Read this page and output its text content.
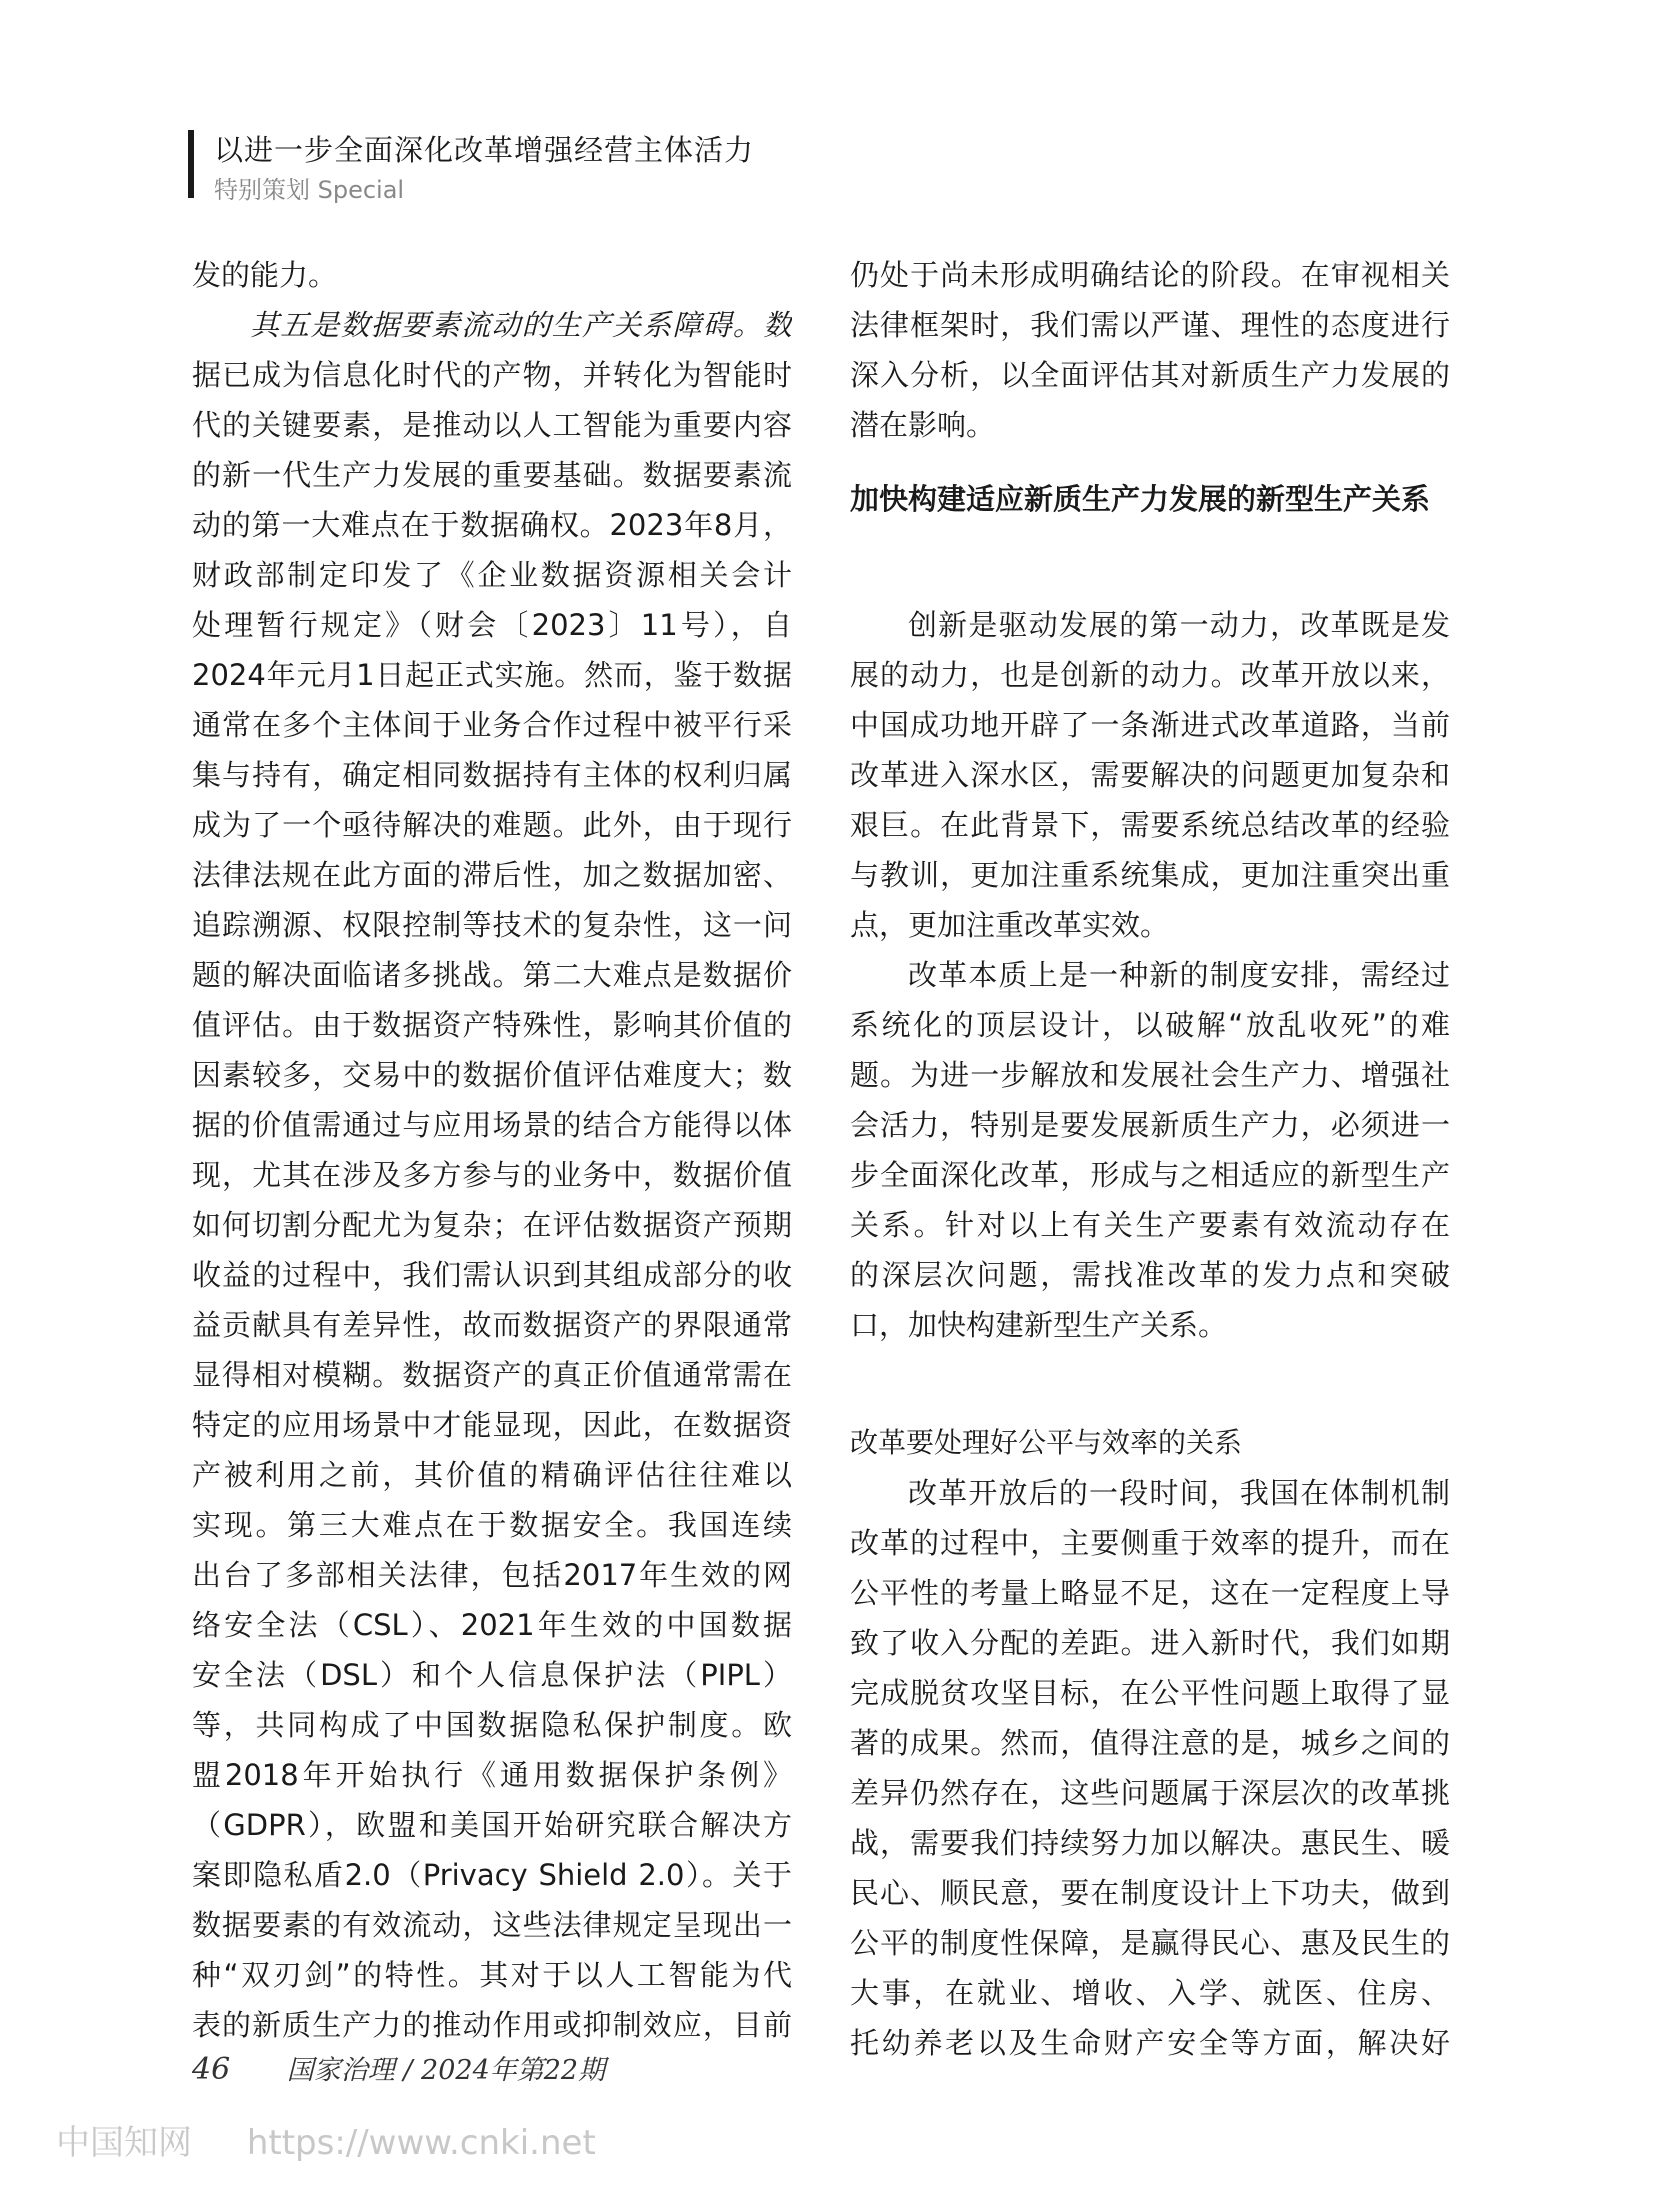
以进一步全面深化改革增强经营主体活力
特别策划 Special
发的能力。
其五是数据要素流动的生产关系障碍。数
据已成为信息化时代的产物，并转化为智能时
代的关键要素，是推动以人工智能为重要内容
的新一代生产力发展的重要基础。数据要素流
动的第一大难点在于数据确权。2023年8月，
财政部制定印发了《企业数据资源相关会计
处理暂行规定》（财会〔2023〕11号），自
2024年元月1日起正式实施。然而，鉴于数据
通常在多个主体间于业务合作过程中被平行采
集与持有，确定相同数据持有主体的权利归属
成为了一个亟待解决的难题。此外，由于现行
法律法规在此方面的滞后性，加之数据加密、
追踪溯源、权限控制等技术的复杂性，这一问
题的解决面临诸多挑战。第二大难点是数据价
值评估。由于数据资产特殊性，影响其价值的
因素较多，交易中的数据价值评估难度大；数
据的价值需通过与应用场景的结合方能得以体
现，尤其在涉及多方参与的业务中，数据价值
如何切割分配尤为复杂；在评估数据资产预期
收益的过程中，我们需认识到其组成部分的收
益贡献具有差异性，故而数据资产的界限通常
显得相对模糊。数据资产的真正价值通常需在
特定的应用场景中才能显现，因此，在数据资
产被利用之前，其价值的精确评估往往难以
实现。第三大难点在于数据安全。我国连续
出台了多部相关法律，包括2017年生效的网
络安全法（CSL）、2021年生效的中国数据
安全法（DSL）和个人信息保护法（PIPL）
等，共同构成了中国数据隐私保护制度。欧
盟2018年开始执行《通用数据保护条例》
（GDPR），欧盟和美国开始研究联合解决方
案即隐私盾2.0（Privacy Shield 2.0）。关于
数据要素的有效流动，这些法律规定呈现出一
种“双刃剑”的特性。其对于以人工智能为代
表的新质生产力的推动作用或抑制效应，目前
仍处于尚未形成明确结论的阶段。在审视相关
法律框架时，我们需以严谨、理性的态度进行
深入分析，以全面评估其对新质生产力发展的
潜在影响。
加快构建适应新质生产力发展的新型生产关系
创新是驱动发展的第一动力，改革既是发
展的动力，也是创新的动力。改革开放以来，
中国成功地开辟了一条渐进式改革道路，当前
改革进入深水区，需要解决的问题更加复杂和
艰巨。在此背景下，需要系统总结改革的经验
与教训，更加注重系统集成，更加注重突出重
点，更加注重改革实效。
改革本质上是一种新的制度安排，需经过
系统化的顶层设计，以破解“放乱收死”的难
题。为进一步解放和发展社会生产力、增强社
会活力，特别是要发展新质生产力，必须进一
步全面深化改革，形成与之相适应的新型生产
关系。针对以上有关生产要素有效流动存在
的深层次问题，需找准改革的发力点和突破
口，加快构建新型生产关系。
改革要处理好公平与效率的关系
改革开放后的一段时间，我国在体制机制
改革的过程中，主要侧重于效率的提升，而在
公平性的考量上略显不足，这在一定程度上导
致了收入分配的差距。进入新时代，我们如期
完成脱贫攻坚目标，在公平性问题上取得了显
著的成果。然而，值得注意的是，城乡之间的
差异仍然存在，这些问题属于深层次的改革挑
战，需要我们持续努力加以解决。惠民生、暖
民心、顺民意，要在制度设计上下功夫，做到
公平的制度性保障，是赢得民心、惠及民生的
大事，在就业、增收、入学、就医、住房、
托幼养老以及生命财产安全等方面，解决好
46 国家治理 / 2024年第22期
中国知网 https://www.cnki.net
